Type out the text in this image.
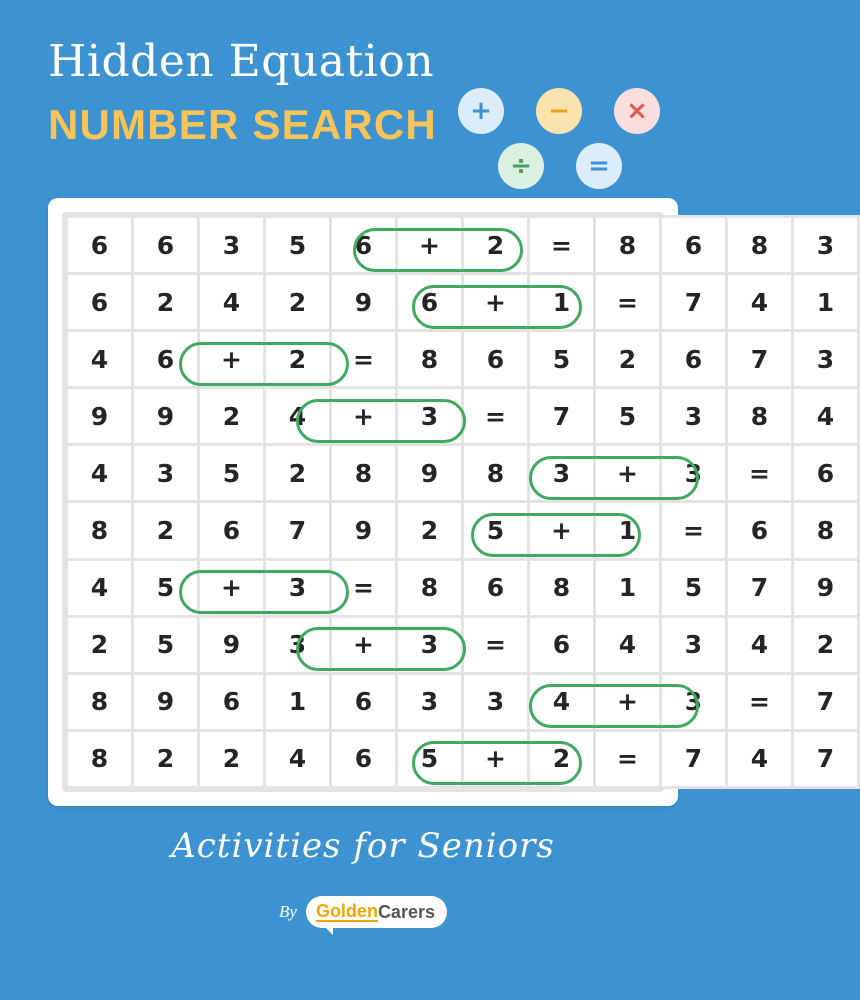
Hidden Equation
NUMBER SEARCH	+	−	×
÷	=
6	6	3	5	6	+	2	=	8	6	8	3
6	2	4	2	9	6	+	1	=	7	4	1
4	6	+	2	=	8	6	5	2	6	7	3
9	9	2	4	+	3	=	7	5	3	8	4
4	3	5	2	8	9	8	3	+	3	=	6
8	2	6	7	9	2	5	+	1	=	6	8
4	5	+	3	=	8	6	8	1	5	7	9
2	5	9	3	+	3	=	6	4	3	4	2
8	9	6	1	6	3	3	4	+	3	=	7
8	2	2	4	6	5	+	2	=	7	4	7

Activities for Seniors

By Golden Carers
